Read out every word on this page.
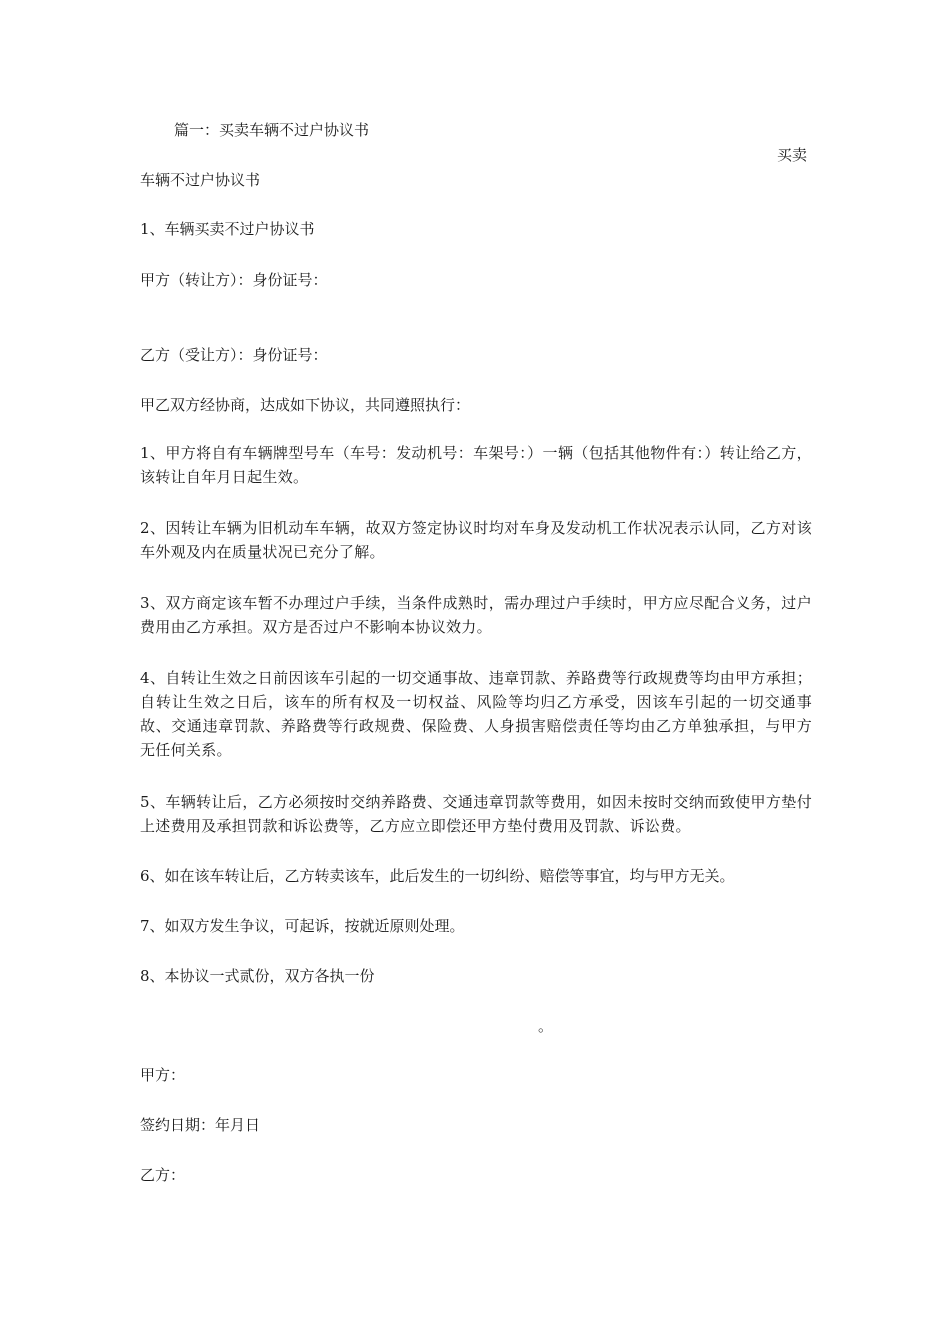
篇一：买卖车辆不过户协议书
买卖
车辆不过户协议书
1、车辆买卖不过户协议书
甲方（转让方）：身份证号：
乙方（受让方）：身份证号：
甲乙双方经协商，达成如下协议，共同遵照执行：
1、甲方将自有车辆牌型号车（车号：发动机号：车架号：）一辆（包括其他物件有：）转让给乙方，该转让自年月日起生效。
2、因转让车辆为旧机动车车辆，故双方签定协议时均对车身及发动机工作状况表示认同，乙方对该车外观及内在质量状况已充分了解。
3、双方商定该车暂不办理过户手续，当条件成熟时，需办理过户手续时，甲方应尽配合义务，过户费用由乙方承担。双方是否过户不影响本协议效力。
4、自转让生效之日前因该车引起的一切交通事故、违章罚款、养路费等行政规费等均由甲方承担；自转让生效之日后，该车的所有权及一切权益、风险等均归乙方承受，因该车引起的一切交通事故、交通违章罚款、养路费等行政规费、保险费、人身损害赔偿责任等均由乙方单独承担，与甲方无任何关系。
5、车辆转让后，乙方必须按时交纳养路费、交通违章罚款等费用，如因未按时交纳而致使甲方垫付上述费用及承担罚款和诉讼费等，乙方应立即偿还甲方垫付费用及罚款、诉讼费。
6、如在该车转让后，乙方转卖该车，此后发生的一切纠纷、赔偿等事宜，均与甲方无关。
7、如双方发生争议，可起诉，按就近原则处理。
8、本协议一式贰份，双方各执一份
。
甲方：
签约日期：年月日
乙方：
